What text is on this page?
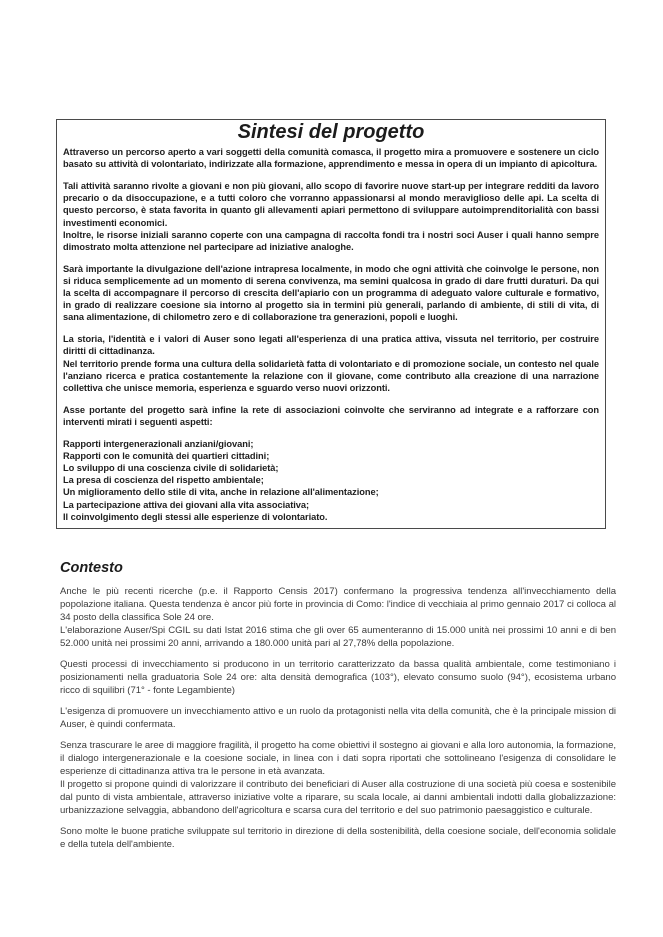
Sintesi del progetto

Attraverso un percorso aperto a vari soggetti della comunità comasca, il progetto mira a promuovere e sostenere un ciclo basato su attività di volontariato, indirizzate alla formazione, apprendimento e messa in opera di un impianto di apicoltura.

Tali attività saranno rivolte a giovani e non più giovani, allo scopo di favorire nuove start-up per integrare redditi da lavoro precario o da disoccupazione, e a tutti coloro che vorranno appassionarsi al mondo meraviglioso delle api. La scelta di questo percorso, è stata favorita in quanto gli allevamenti apiari permettono di sviluppare autoimprenditorialità con bassi investimenti economici.

Inoltre, le risorse iniziali saranno coperte con una campagna di raccolta fondi tra i nostri soci Auser i quali hanno sempre dimostrato molta attenzione nel partecipare ad iniziative analoghe.

Sarà importante la divulgazione dell'azione intrapresa localmente, in modo che ogni attività che coinvolge le persone, non si riduca semplicemente ad un momento di serena convivenza, ma semini qualcosa in grado di dare frutti duraturi. Da qui la scelta di accompagnare il percorso di crescita dell'apiario con un programma di adeguato valore culturale e formativo, in grado di realizzare coesione sia intorno al progetto sia in termini più generali, parlando di ambiente, di stili di vita, di sana alimentazione, di chilometro zero e di collaborazione tra generazioni, popoli e luoghi.

La storia, l'identità e i valori di Auser sono legati all'esperienza di una pratica attiva, vissuta nel territorio, per costruire diritti di cittadinanza.

Nel territorio prende forma una cultura della solidarietà fatta di volontariato e di promozione sociale, un contesto nel quale l'anziano ricerca e pratica costantemente la relazione con il giovane, come contributo alla creazione di una narrazione collettiva che unisce memoria, esperienza e sguardo verso nuovi orizzonti.

Asse portante del progetto sarà infine la rete di associazioni coinvolte che serviranno ad integrate e a rafforzare con interventi mirati i seguenti aspetti:

Rapporti intergenerazionali anziani/giovani;

Rapporti con le comunità dei quartieri cittadini;

Lo sviluppo di una coscienza civile di solidarietà;

La presa di coscienza del rispetto ambientale;

Un miglioramento dello stile di vita, anche in relazione all'alimentazione;

La partecipazione attiva dei giovani alla vita associativa;

Il coinvolgimento degli stessi alle esperienze di volontariato.

Contesto

Anche le più recenti ricerche (p.e. il Rapporto Censis 2017) confermano la progressiva tendenza all'invecchiamento della popolazione italiana. Questa tendenza è ancor più forte in provincia di Como: l'indice di vecchiaia al primo gennaio 2017 ci colloca al 34 posto della classifica Sole 24 ore.

L'elaborazione Auser/Spi CGIL su dati Istat 2016 stima che gli over 65 aumenteranno di 15.000 unità nei prossimi 10 anni e di ben 52.000 unità nei prossimi 20 anni, arrivando a 180.000 unità pari al 27,78% della popolazione.

Questi processi di invecchiamento si producono in un territorio caratterizzato da bassa qualità ambientale, come testimoniano i posizionamenti nella graduatoria Sole 24 ore: alta densità demografica (103°), elevato consumo suolo (94°), ecosistema urbano ricco di squilibri (71° - fonte Legambiente)

L'esigenza di promuovere un invecchiamento attivo e un ruolo da protagonisti nella vita della comunità, che è la principale mission di Auser, è quindi confermata.

Senza trascurare le aree di maggiore fragilità, il progetto ha come obiettivi il sostegno ai giovani e alla loro autonomia, la formazione, il dialogo intergenerazionale e la coesione sociale, in linea con i dati sopra riportati che sottolineano l'esigenza di consolidare le esperienze di cittadinanza attiva tra le persone in età avanzata.

Il progetto si propone quindi di valorizzare il contributo dei beneficiari di Auser alla costruzione di una società più coesa e sostenibile dal punto di vista ambientale, attraverso iniziative volte a riparare, su scala locale, ai danni ambientali indotti dalla globalizzazione: urbanizzazione selvaggia, abbandono dell'agricoltura e scarsa cura del territorio e del suo patrimonio paesaggistico e culturale.

Sono molte le buone pratiche sviluppate sul territorio in direzione di della sostenibilità, della coesione sociale, dell'economia solidale e della tutela dell'ambiente.
